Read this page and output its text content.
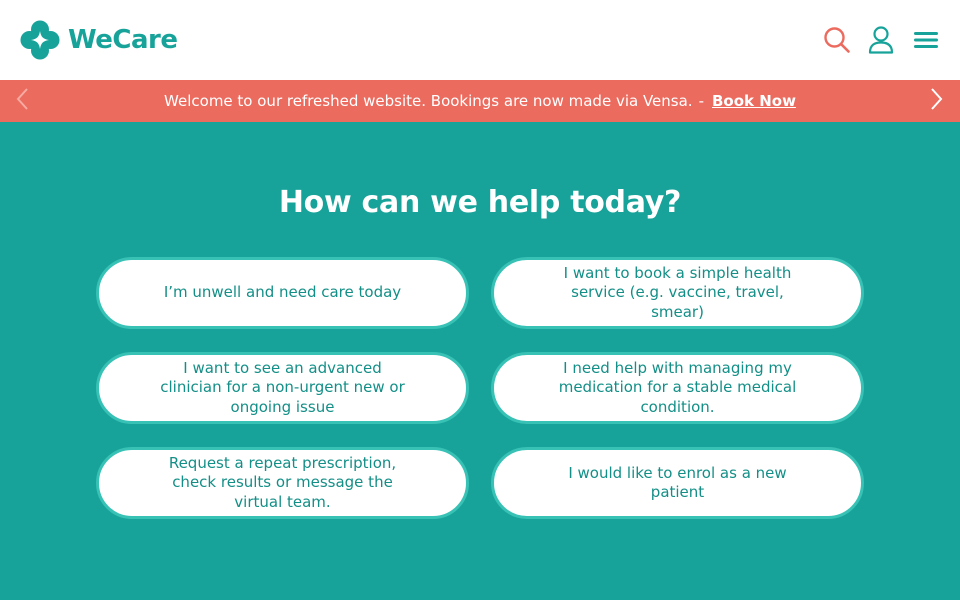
WeCare
Welcome to our refreshed website. Bookings are now made via Vensa. - Book Now
How can we help today?
I’m unwell and need care today
I want to book a simple health service (e.g. vaccine, travel, smear)
I want to see an advanced clinician for a non-urgent new or ongoing issue
I need help with managing my medication for a stable medical condition.
Request a repeat prescription, check results or message the virtual team.
I would like to enrol as a new patient
